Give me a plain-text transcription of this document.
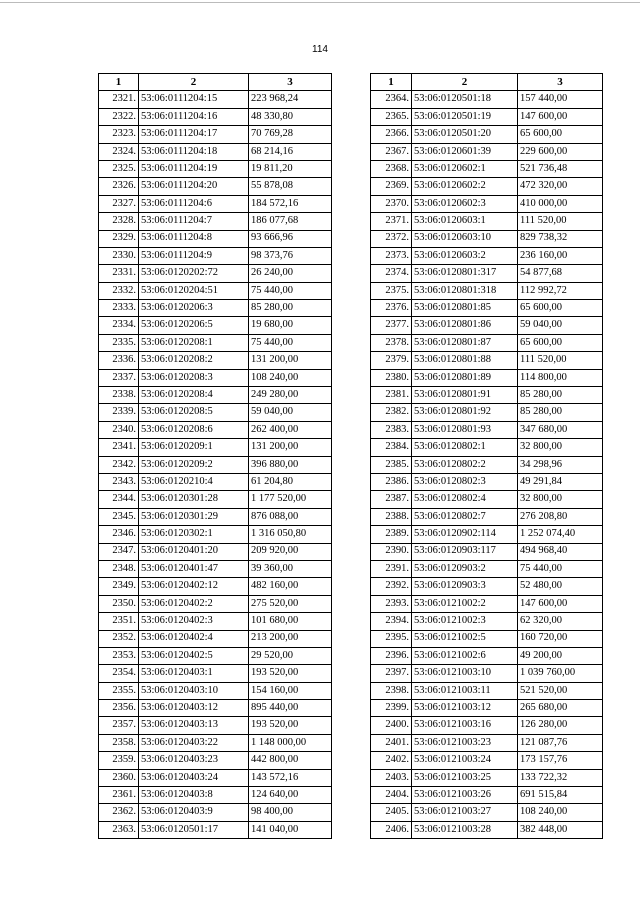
114
1	2	3
2321.	53:06:0111204:15	223 968,24
2322.	53:06:0111204:16	48 330,80
2323.	53:06:0111204:17	70 769,28
2324.	53:06:0111204:18	68 214,16
2325.	53:06:0111204:19	19 811,20
2326.	53:06:0111204:20	55 878,08
2327.	53:06:0111204:6	184 572,16
2328.	53:06:0111204:7	186 077,68
2329.	53:06:0111204:8	93 666,96
2330.	53:06:0111204:9	98 373,76
2331.	53:06:0120202:72	26 240,00
2332.	53:06:0120204:51	75 440,00
2333.	53:06:0120206:3	85 280,00
2334.	53:06:0120206:5	19 680,00
2335.	53:06:0120208:1	75 440,00
2336.	53:06:0120208:2	131 200,00
2337.	53:06:0120208:3	108 240,00
2338.	53:06:0120208:4	249 280,00
2339.	53:06:0120208:5	59 040,00
2340.	53:06:0120208:6	262 400,00
2341.	53:06:0120209:1	131 200,00
2342.	53:06:0120209:2	396 880,00
2343.	53:06:0120210:4	61 204,80
2344.	53:06:0120301:28	1 177 520,00
2345.	53:06:0120301:29	876 088,00
2346.	53:06:0120302:1	1 316 050,80
2347.	53:06:0120401:20	209 920,00
2348.	53:06:0120401:47	39 360,00
2349.	53:06:0120402:12	482 160,00
2350.	53:06:0120402:2	275 520,00
2351.	53:06:0120402:3	101 680,00
2352.	53:06:0120402:4	213 200,00
2353.	53:06:0120402:5	29 520,00
2354.	53:06:0120403:1	193 520,00
2355.	53:06:0120403:10	154 160,00
2356.	53:06:0120403:12	895 440,00
2357.	53:06:0120403:13	193 520,00
2358.	53:06:0120403:22	1 148 000,00
2359.	53:06:0120403:23	442 800,00
2360.	53:06:0120403:24	143 572,16
2361.	53:06:0120403:8	124 640,00
2362.	53:06:0120403:9	98 400,00
2363.	53:06:0120501:17	141 040,00
1	2	3
2364.	53:06:0120501:18	157 440,00
2365.	53:06:0120501:19	147 600,00
2366.	53:06:0120501:20	65 600,00
2367.	53:06:0120601:39	229 600,00
2368.	53:06:0120602:1	521 736,48
2369.	53:06:0120602:2	472 320,00
2370.	53:06:0120602:3	410 000,00
2371.	53:06:0120603:1	111 520,00
2372.	53:06:0120603:10	829 738,32
2373.	53:06:0120603:2	236 160,00
2374.	53:06:0120801:317	54 877,68
2375.	53:06:0120801:318	112 992,72
2376.	53:06:0120801:85	65 600,00
2377.	53:06:0120801:86	59 040,00
2378.	53:06:0120801:87	65 600,00
2379.	53:06:0120801:88	111 520,00
2380.	53:06:0120801:89	114 800,00
2381.	53:06:0120801:91	85 280,00
2382.	53:06:0120801:92	85 280,00
2383.	53:06:0120801:93	347 680,00
2384.	53:06:0120802:1	32 800,00
2385.	53:06:0120802:2	34 298,96
2386.	53:06:0120802:3	49 291,84
2387.	53:06:0120802:4	32 800,00
2388.	53:06:0120802:7	276 208,80
2389.	53:06:0120902:114	1 252 074,40
2390.	53:06:0120903:117	494 968,40
2391.	53:06:0120903:2	75 440,00
2392.	53:06:0120903:3	52 480,00
2393.	53:06:0121002:2	147 600,00
2394.	53:06:0121002:3	62 320,00
2395.	53:06:0121002:5	160 720,00
2396.	53:06:0121002:6	49 200,00
2397.	53:06:0121003:10	1 039 760,00
2398.	53:06:0121003:11	521 520,00
2399.	53:06:0121003:12	265 680,00
2400.	53:06:0121003:16	126 280,00
2401.	53:06:0121003:23	121 087,76
2402.	53:06:0121003:24	173 157,76
2403.	53:06:0121003:25	133 722,32
2404.	53:06:0121003:26	691 515,84
2405.	53:06:0121003:27	108 240,00
2406.	53:06:0121003:28	382 448,00
